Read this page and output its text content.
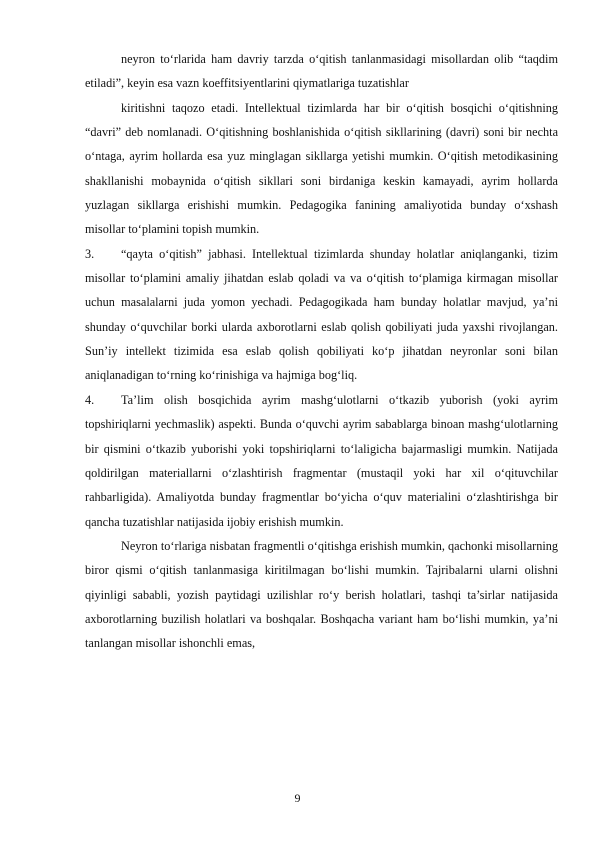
neyron to‘rlarida ham davriy tarzda o‘qitish tanlanmasidagi misollardan olib “taqdim etiladi”, keyin esa vazn koeffitsiyentlarini qiymatlariga tuzatishlar

kiritishni taqozo etadi. Intellektual tizimlarda har bir o‘qitish bosqichi o‘qitishning “davri” deb nomlanadi. O‘qitishning boshlanishida o‘qitish sikllarining (davri) soni bir nechta o‘ntaga, ayrim hollarda esa yuz minglagan sikllarga yetishi mumkin. O‘qitish metodikasining shakllanishi mobaynida o‘qitish sikllari soni birdaniga keskin kamayadi, ayrim hollarda yuzlagan sikllarga erishishi mumkin. Pedagogika fanining amaliyotida bunday o‘xshash misollar to‘plamini topish mumkin.

3. “qayta o‘qitish” jabhasi. Intellektual tizimlarda shunday holatlar aniqlanganki, tizim misollar to‘plamini amaliy jihatdan eslab qoladi va va o‘qitish to‘plamiga kirmagan misollar uchun masalalarni juda yomon yechadi. Pedagogikada ham bunday holatlar mavjud, ya’ni shunday o‘quvchilar borki ularda axborotlarni eslab qolish qobiliyati juda yaxshi rivojlangan. Sun’iy intellekt tizimida esa eslab qolish qobiliyati ko‘p jihatdan neyronlar soni bilan aniqlanadigan to‘rning ko‘rinishiga va hajmiga bog‘liq.

4. Ta’lim olish bosqichida ayrim mashg‘ulotlarni o‘tkazib yuborish (yoki ayrim topshiriqlarni yechmaslik) aspekti. Bunda o‘quvchi ayrim sabablarga binoan mashg‘ulotlarning bir qismini o‘tkazib yuborishi yoki topshiriqlarni to‘laligicha bajarmasligi mumkin. Natijada qoldirilgan materiallarni o‘zlashtirish fragmentar (mustaqil yoki har xil o‘qituvchilar rahbarligida). Amaliyotda bunday fragmentlar bo‘yicha o‘quv materialini o‘zlashtirishga bir qancha tuzatishlar natijasida ijobiy erishish mumkin.

Neyron to‘rlariga nisbatan fragmentli o‘qitishga erishish mumkin, qachonki misollarning biror qismi o‘qitish tanlanmasiga kiritilmagan bo‘lishi mumkin. Tajribalarni ularni olishni qiyinligi sababli, yozish paytidagi uzilishlar ro‘y berish holatlari, tashqi ta’sirlar natijasida axborotlarning buzilish holatlari va boshqalar. Boshqacha variant ham bo‘lishi mumkin, ya’ni tanlangan misollar ishonchli emas,

9
